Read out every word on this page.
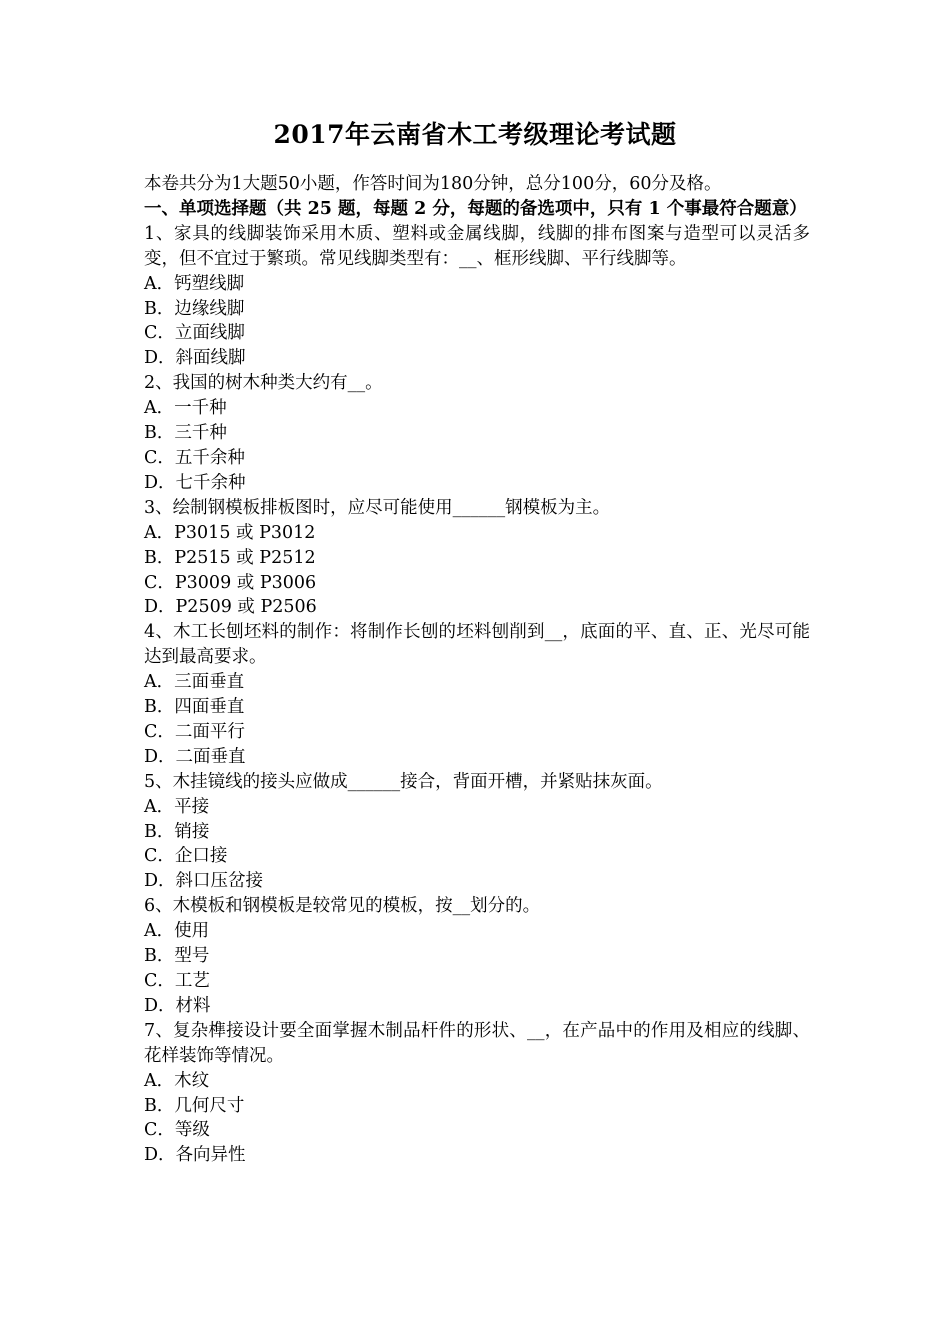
2017年云南省木工考级理论考试题

本卷共分为1大题50小题，作答时间为180分钟，总分100分，60分及格。

一、单项选择题（共 25 题，每题 2 分，每题的备选项中，只有 1 个事最符合题意）

1、家具的线脚装饰采用木质、塑料或金属线脚，线脚的排布图案与造型可以灵活多变，但不宜过于繁琐。常见线脚类型有：__、框形线脚、平行线脚等。

A．钙塑线脚

B．边缘线脚

C．立面线脚

D．斜面线脚

2、我国的树木种类大约有__。

A．一千种

B．三千种

C．五千余种

D．七千余种

3、绘制钢模板排板图时，应尽可能使用______钢模板为主。

A．P3015 或 P3012

B．P2515 或 P2512

C．P3009 或 P3006

D．P2509 或 P2506

4、木工长刨坯料的制作：将制作长刨的坯料刨削到__，底面的平、直、正、光尽可能达到最高要求。

A．三面垂直

B．四面垂直

C．二面平行

D．二面垂直

5、木挂镜线的接头应做成______接合，背面开槽，并紧贴抹灰面。

A．平接

B．销接

C．企口接

D．斜口压岔接

6、木模板和钢模板是较常见的模板，按__划分的。

A．使用

B．型号

C．工艺

D．材料

7、复杂榫接设计要全面掌握木制品杆件的形状、__，在产品中的作用及相应的线脚、花样装饰等情况。

A．木纹

B．几何尺寸

C．等级

D．各向异性
